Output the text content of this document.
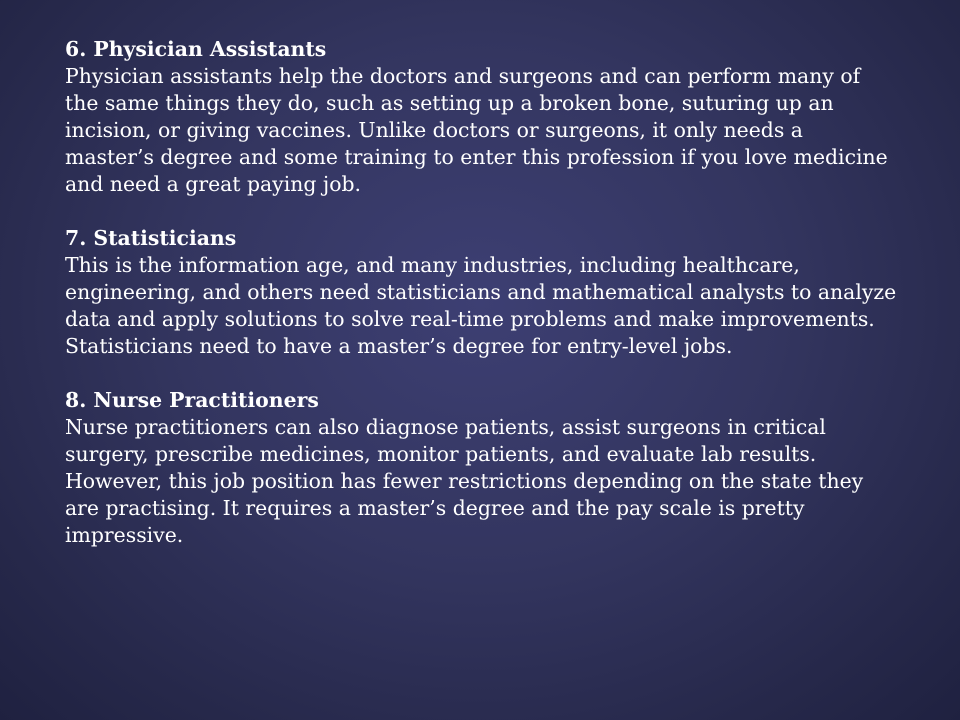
6. Physician Assistants
Physician assistants help the doctors and surgeons and can perform many of
the same things they do, such as setting up a broken bone, suturing up an
incision, or giving vaccines. Unlike doctors or surgeons, it only needs a
master’s degree and some training to enter this profession if you love medicine
and need a great paying job.
7. Statisticians
This is the information age, and many industries, including healthcare,
engineering, and others need statisticians and mathematical analysts to analyze
data and apply solutions to solve real-time problems and make improvements.
Statisticians need to have a master’s degree for entry-level jobs.
8. Nurse Practitioners
Nurse practitioners can also diagnose patients, assist surgeons in critical
surgery, prescribe medicines, monitor patients, and evaluate lab results.
However, this job position has fewer restrictions depending on the state they
are practising. It requires a master’s degree and the pay scale is pretty
impressive.
